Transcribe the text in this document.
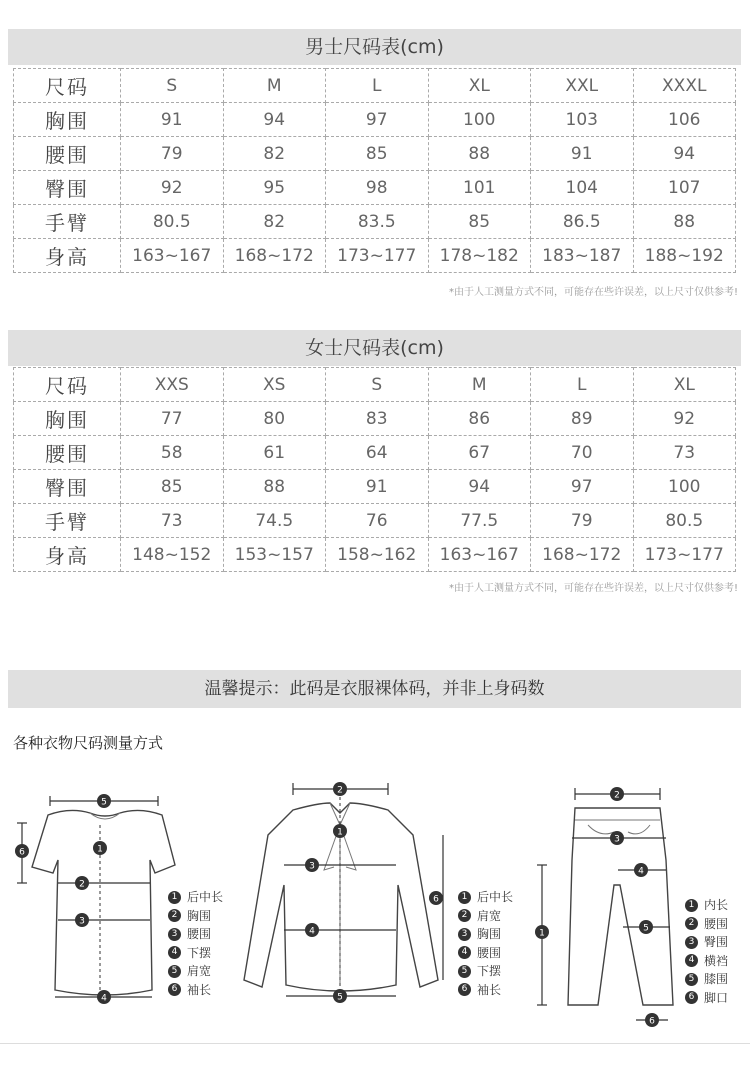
男士尺码表(cm)
尺码	S	M	L	XL	XXL	XXXL
胸围	91	94	97	100	103	106
腰围	79	82	85	88	91	94
臀围	92	95	98	101	104	107
手臂	80.5	82	83.5	85	86.5	88
身高	163~167	168~172	173~177	178~182	183~187	188~192
*由于人工测量方式不同，可能存在些许误差，以上尺寸仅供参考!
女士尺码表(cm)
尺码	XXS	XS	S	M	L	XL
胸围	77	80	83	86	89	92
腰围	58	61	64	67	70	73
臀围	85	88	91	94	97	100
手臂	73	74.5	76	77.5	79	80.5
身高	148~152	153~157	158~162	163~167	168~172	173~177
*由于人工测量方式不同，可能存在些许误差，以上尺寸仅供参考!
温馨提示：此码是衣服裸体码，并非上身码数
各种衣物尺码测量方式
5
1
2
3
4
6
1 后中长
2 胸围
3 腰围
4 下摆
5 肩宽
6 袖长
2
1
3
4
5
6	1 后中长
2 肩宽
3 胸围
4 腰围
5 下摆
6 袖长
2
3
4
5
1
6
1 内长
2 腰围
3 臀围
4 横裆
5 膝围
6 脚口
